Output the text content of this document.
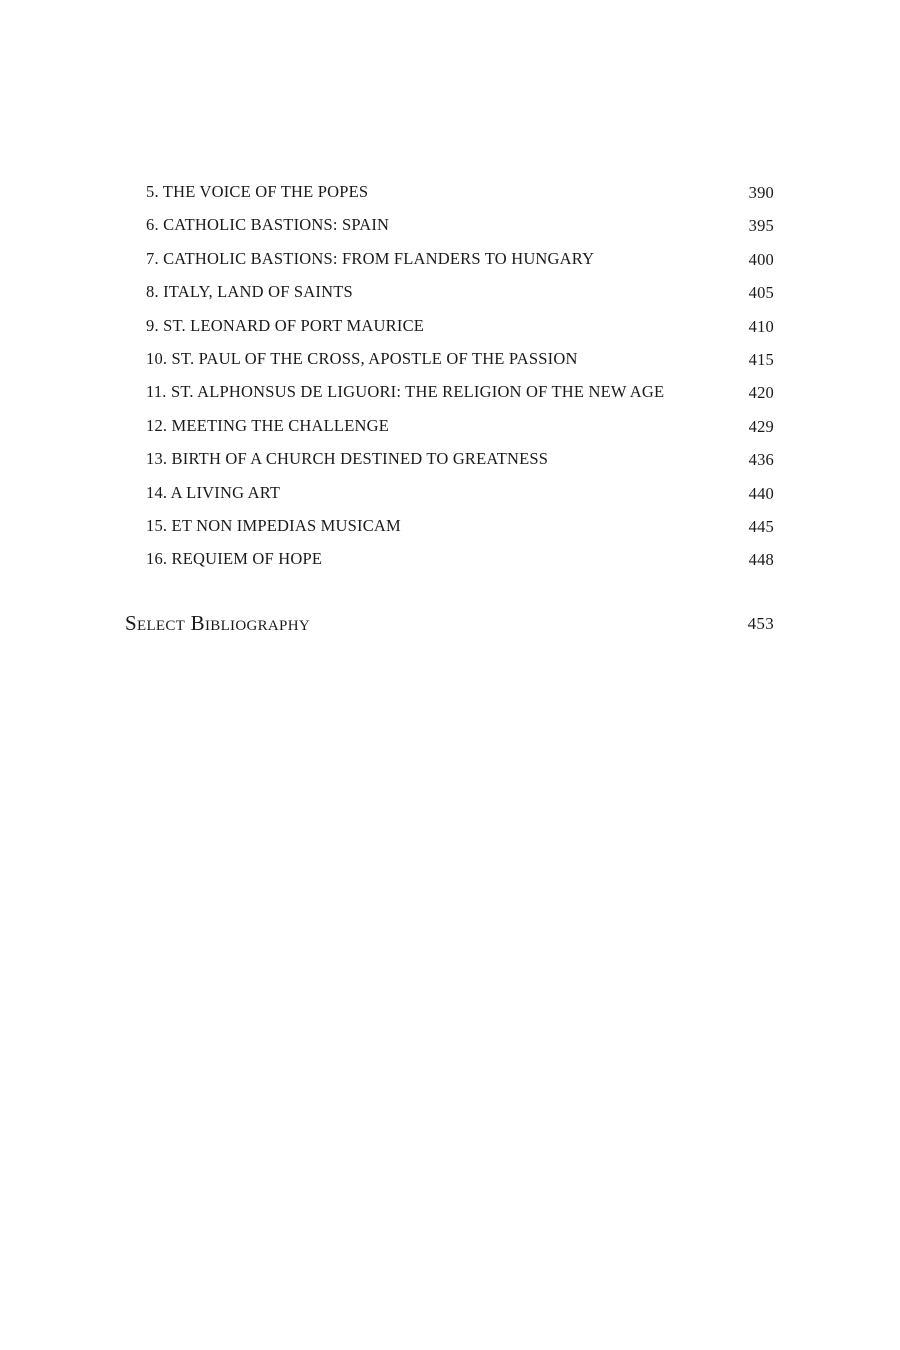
5. THE VOICE OF THE POPES	390
6. CATHOLIC BASTIONS: SPAIN	395
7. CATHOLIC BASTIONS: FROM FLANDERS TO HUNGARY	400
8. ITALY, LAND OF SAINTS	405
9. ST. LEONARD OF PORT MAURICE	410
10. ST. PAUL OF THE CROSS, APOSTLE OF THE PASSION	415
11. ST. ALPHONSUS DE LIGUORI: THE RELIGION OF THE NEW AGE	420
12. MEETING THE CHALLENGE	429
13. BIRTH OF A CHURCH DESTINED TO GREATNESS	436
14. A LIVING ART	440
15. ET NON IMPEDIAS MUSICAM	445
16. REQUIEM OF HOPE	448
Select Bibliography	453
